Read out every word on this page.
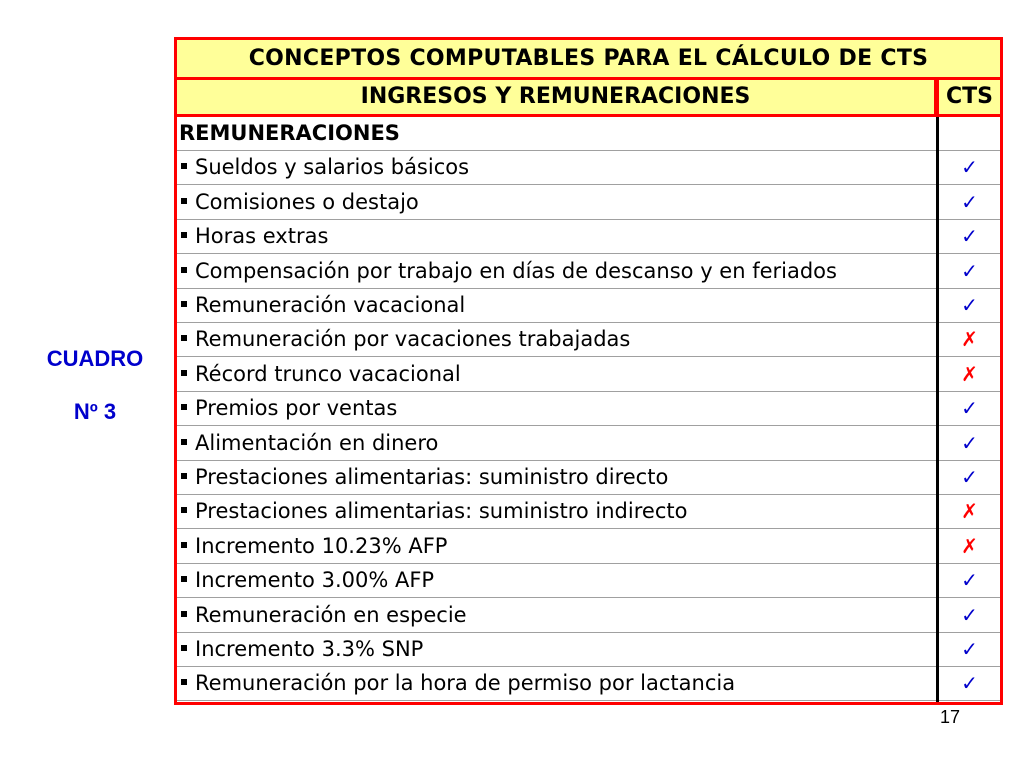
CUADRO
Nº 3
CONCEPTOS COMPUTABLES PARA EL CÁLCULO DE CTS
INGRESOS Y REMUNERACIONES	CTS
REMUNERACIONES
Sueldos y salarios básicos	✓
Comisiones o destajo	✓
Horas extras	✓
Compensación por trabajo en días de descanso y en feriados	✓
Remuneración vacacional	✓
Remuneración por vacaciones trabajadas	✗
Récord trunco vacacional	✗
Premios por ventas	✓
Alimentación en dinero	✓
Prestaciones alimentarias: suministro directo	✓
Prestaciones alimentarias: suministro indirecto	✗
Incremento 10.23% AFP	✗
Incremento 3.00% AFP	✓
Remuneración en especie	✓
Incremento 3.3% SNP	✓
Remuneración por la hora de permiso por lactancia	✓
17
